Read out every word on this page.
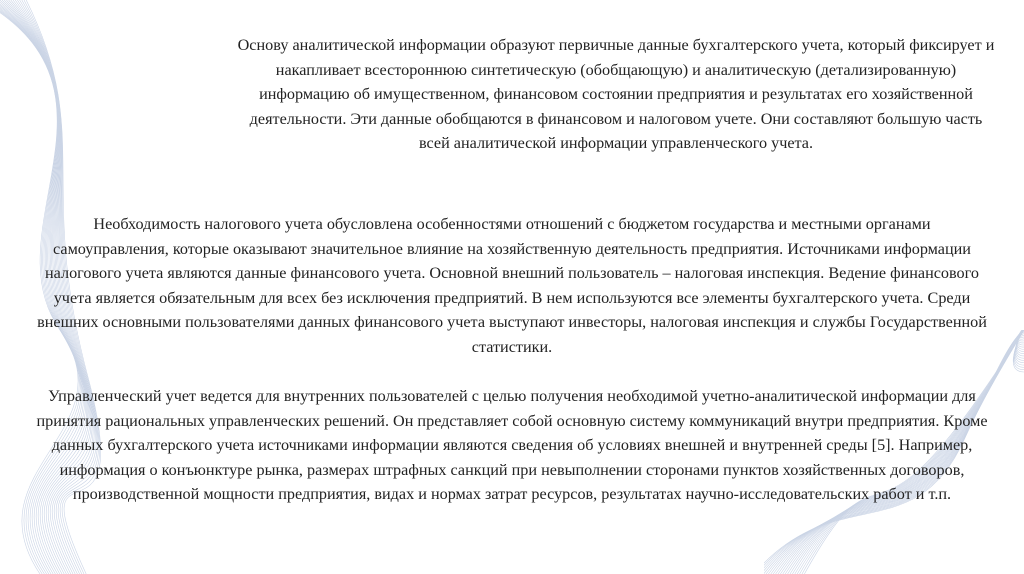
Основу аналитической информации образуют первичные данные бухгалтерского учета, который фиксирует и
накапливает всестороннюю синтетическую (обобщающую) и аналитическую (детализированную)
информацию об имущественном, финансовом состоянии предприятия и результатах его хозяйственной
деятельности. Эти данные обобщаются в финансовом и налоговом учете. Они составляют большую часть
всей аналитической информации управленческого учета.

Необходимость налогового учета обусловлена особенностями отношений с бюджетом государства и местными органами
самоуправления, которые оказывают значительное влияние на хозяйственную деятельность предприятия. Источниками информации
налогового учета являются данные финансового учета. Основной внешний пользователь – налоговая инспекция. Ведение финансового
учета является обязательным для всех без исключения предприятий. В нем используются все элементы бухгалтерского учета. Среди
внешних основными пользователями данных финансового учета выступают инвесторы, налоговая инспекция и службы Государственной
статистики.

Управленческий учет ведется для внутренних пользователей с целью получения необходимой учетно-аналитической информации для
принятия рациональных управленческих решений. Он представляет собой основную систему коммуникаций внутри предприятия. Кроме
данных бухгалтерского учета источниками информации являются сведения об условиях внешней и внутренней среды [5]. Например,
информация о конъюнктуре рынка, размерах штрафных санкций при невыполнении сторонами пунктов хозяйственных договоров,
производственной мощности предприятия, видах и нормах затрат ресурсов, результатах научно-исследовательских работ и т.п.
